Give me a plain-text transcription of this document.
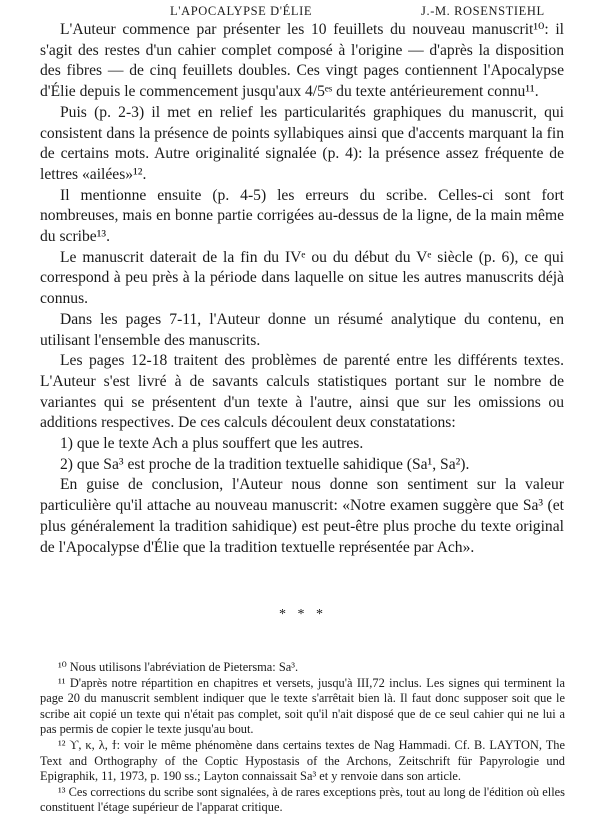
L'APOCALYPSE D'ÉLIE	J.-M. ROSENSTIEHL

L'Auteur commence par présenter les 10 feuillets du nouveau manuscrit¹⁰: il s'agit des restes d'un cahier complet composé à l'origine — d'après la disposition des fibres — de cinq feuillets doubles. Ces vingt pages contiennent l'Apocalypse d'Élie depuis le commencement jusqu'aux 4/5ᵉˢ du texte antérieurement connu¹¹.

Puis (p. 2-3) il met en relief les particularités graphiques du manuscrit, qui consistent dans la présence de points syllabiques ainsi que d'accents marquant la fin de certains mots. Autre originalité signalée (p. 4): la présence assez fréquente de lettres «ailées»¹².

Il mentionne ensuite (p. 4-5) les erreurs du scribe. Celles-ci sont fort nombreuses, mais en bonne partie corrigées au-dessus de la ligne, de la main même du scribe¹³.

Le manuscrit daterait de la fin du IVᵉ ou du début du Vᵉ siècle (p. 6), ce qui correspond à peu près à la période dans laquelle on situe les autres manuscrits déjà connus.

Dans les pages 7-11, l'Auteur donne un résumé analytique du contenu, en utilisant l'ensemble des manuscrits.

Les pages 12-18 traitent des problèmes de parenté entre les différents textes. L'Auteur s'est livré à de savants calculs statistiques portant sur le nombre de variantes qui se présentent d'un texte à l'autre, ainsi que sur les omissions ou additions respectives. De ces calculs découlent deux constatations:

1) que le texte Ach a plus souffert que les autres.

2) que Sa³ est proche de la tradition textuelle sahidique (Sa¹, Sa²).

En guise de conclusion, l'Auteur nous donne son sentiment sur la valeur particulière qu'il attache au nouveau manuscrit: «Notre examen suggère que Sa³ (et plus généralement la tradition sahidique) est peut-être plus proche du texte original de l'Apocalypse d'Élie que la tradition textuelle représentée par Ach».

* * *

¹⁰ Nous utilisons l'abréviation de Pietersma: Sa³.

¹¹ D'après notre répartition en chapitres et versets, jusqu'à III,72 inclus. Les signes qui terminent la page 20 du manuscrit semblent indiquer que le texte s'arrêtait bien là. Il faut donc supposer soit que le scribe ait copié un texte qui n'était pas complet, soit qu'il n'ait disposé que de ce seul cahier qui ne lui a pas permis de copier le texte jusqu'au bout.

¹² ϒ, κ, λ, ϯ: voir le même phénomène dans certains textes de Nag Hammadi. Cf. B. LAYTON, The Text and Orthography of the Coptic Hypostasis of the Archons, Zeitschrift für Papyrologie und Epigraphik, 11, 1973, p. 190 ss.; Layton connaissait Sa³ et y renvoie dans son article.

¹³ Ces corrections du scribe sont signalées, à de rares exceptions près, tout au long de l'édition où elles constituent l'étage supérieur de l'apparat critique.
